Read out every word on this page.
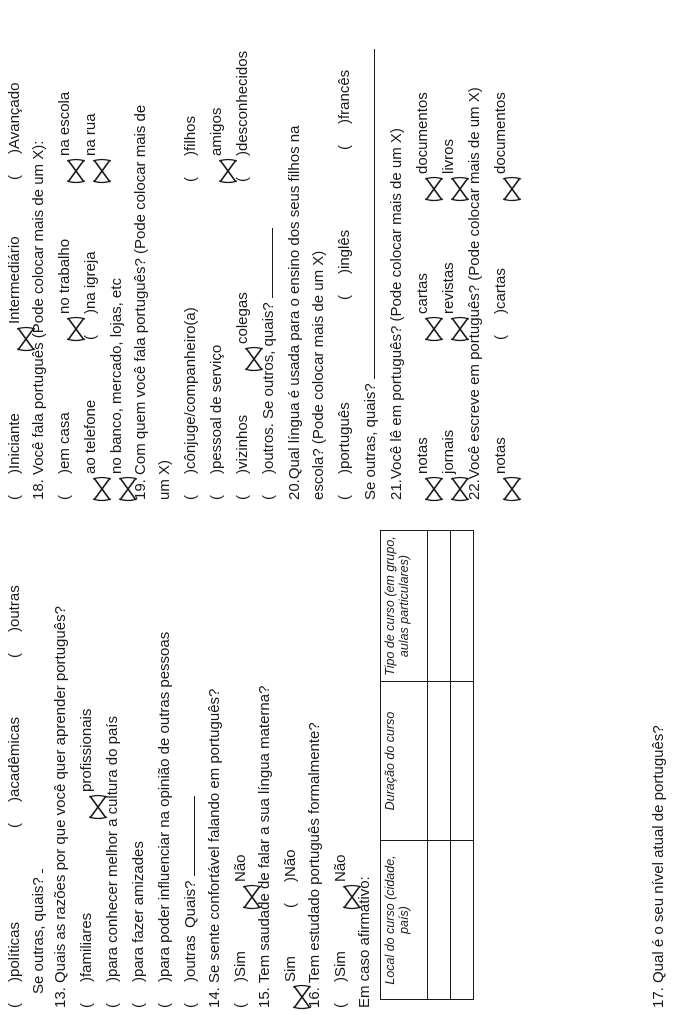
()políticas
()acadêmicas
()outras
Se outras, quais? 13. Quais as razões por que você quer aprender português? ()familiares
profissionais
()para conhecer melhor a cultura do país
()para fazer amizades
()para poder influenciar na opinião de outras pessoas
()outras
Quais? 14. Se sente confortável falando em português? ()Sim
Não 15. Tem saudade de falar a sua língua materna? Sim
()Não 16. Tem estudado português formalmente? ()Sim
Não
Em caso afirmativo: Local do curso (cidade, país)	Duração do curso	Tipo de curso (em grupo, aulas particulares)

17. Qual é o seu nível atual de português?
()Iniciante
Intermediário
()Avançado
18. Você fala português (Pode colocar mais de um X): ()em casa
no trabalho
na escola
ao telefone
()na igreja
na rua
no banco, mercado, lojas, etc 19. Com quem você fala português? (Pode colocar mais de um X) ()cônjuge/companheiro(a)
()filhos
()pessoal de serviço
amigos
()vizinhos
colegas
()desconhecidos
()outros. Se outros, quais? 20.Qual língua é usada para o ensino dos seus filhos na escola? (Pode colocar mais de um X) ()português
()inglês
()francês
Se outras, quais? 21.Você lê em português? (Pode colocar mais de um X) notas
cartas
documentos
jornais
revistas
livros 22.Você escreve em português? (Pode colocar mais de um X) notas
()cartas
documentos
